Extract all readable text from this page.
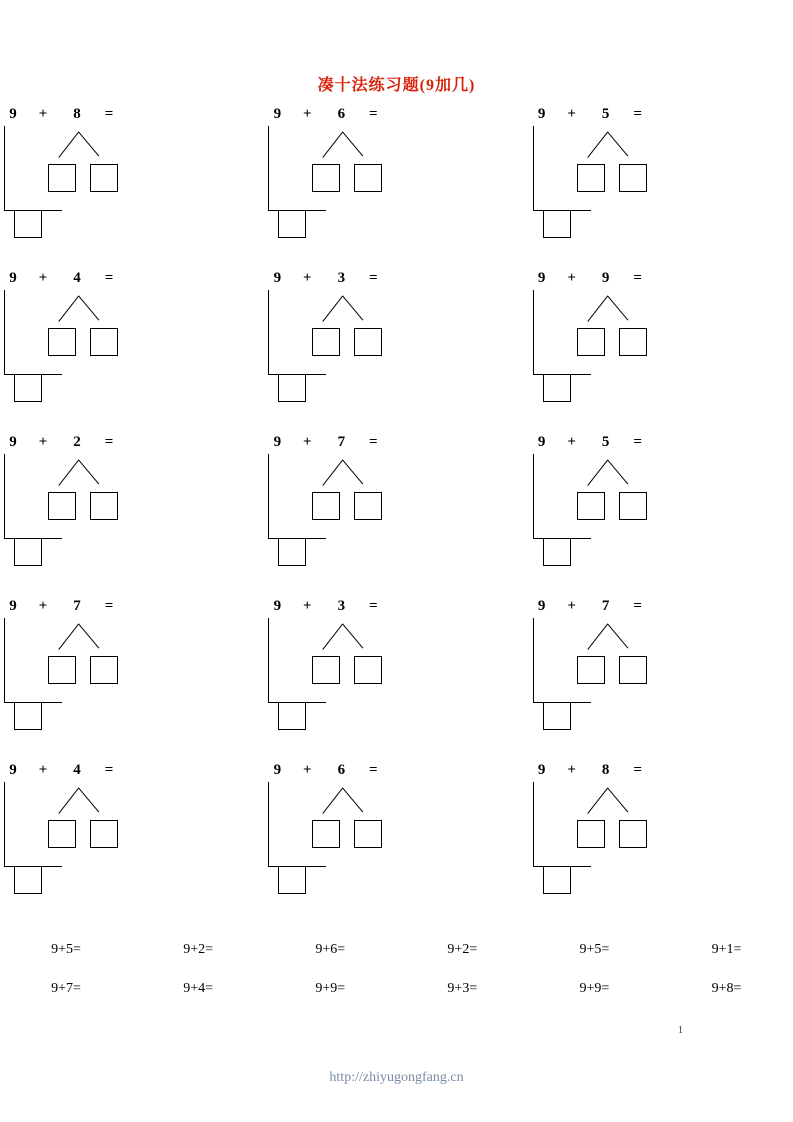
凑十法练习题(9加几)
9	+	8	=	9	+	6	=	9	+	5	=
9	+	4	=	9	+	3	=	9	+	9	=
9	+	2	=	9	+	7	=	9	+	5	=
9	+	7	=	9	+	3	=	9	+	7	=
9	+	4	=	9	+	6	=	9	+	8	=
9+5=	9+2=	9+6=	9+2=	9+5=	9+1=
9+7=	9+4=	9+9=	9+3=	9+9=	9+8=
1
http://zhiyugongfang.cn
